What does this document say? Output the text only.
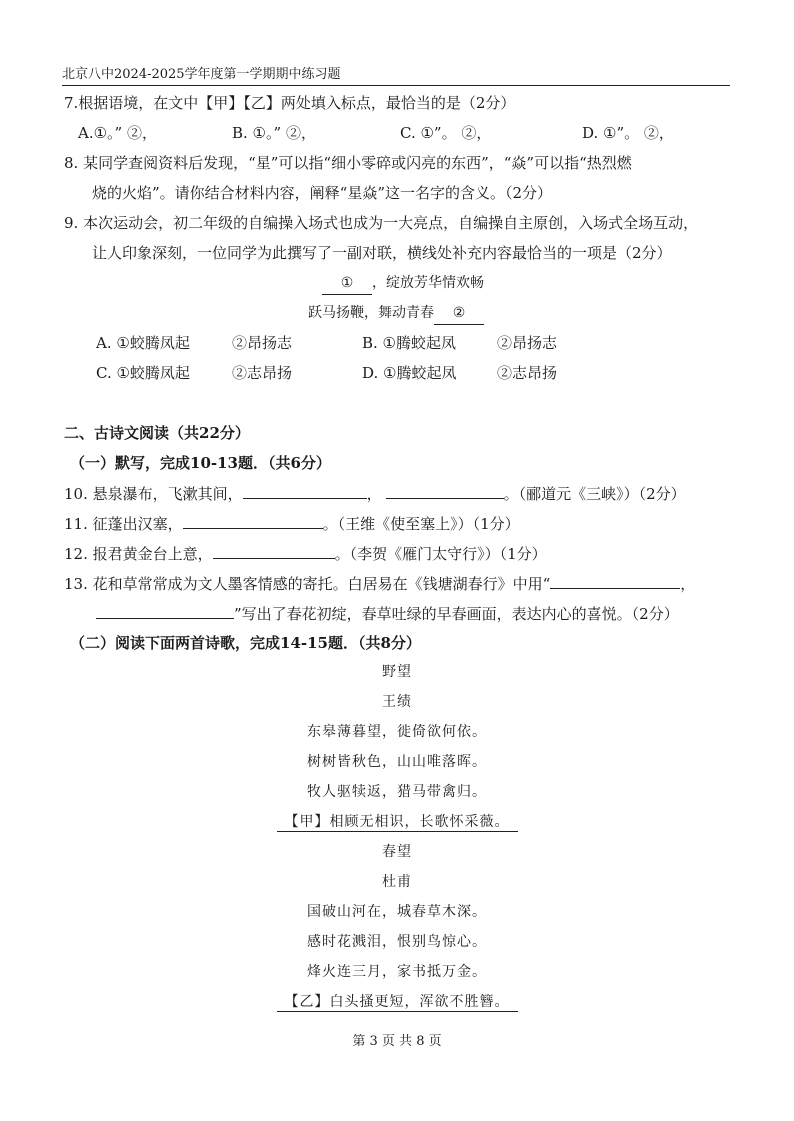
北京八中2024-2025学年度第一学期期中练习题
7.根据语境，在文中【甲】【乙】两处填入标点，最恰当的是（2分）
A.①。” ②，	B. ①。” ②，	C. ①”。 ②，	D. ①”。 ②，
8. 某同学查阅资料后发现，“星”可以指“细小零碎或闪亮的东西”，“焱”可以指“热烈燃
烧的火焰”。请你结合材料内容，阐释“星焱”这一名字的含义。（2分）
9. 本次运动会，初二年级的自编操入场式也成为一大亮点，自编操自主原创，入场式全场互动，
让人印象深刻，一位同学为此撰写了一副对联，横线处补充内容最恰当的一项是（2分）
① ，绽放芳华情欢畅
跃马扬鞭，舞动青春 ②
A. ①蛟腾凤起	②昂扬志	B. ①腾蛟起凤	②昂扬志
C. ①蛟腾凤起	②志昂扬	D. ①腾蛟起凤	②志昂扬
二、古诗文阅读（共22分）
（一）默写，完成10-13题．（共6分）
10. 悬泉瀑布，飞漱其间，	，	。（郦道元《三峡》）（2分）
11. 征蓬出汉塞，	。（王维《使至塞上》）（1分）
12. 报君黄金台上意，	。（李贺《雁门太守行》）（1分）
13. 花和草常常成为文人墨客情感的寄托。白居易在《钱塘湖春行》中用“	，
”写出了春花初绽，春草吐绿的早春画面，表达内心的喜悦。（2分）
（二）阅读下面两首诗歌，完成14-15题．（共8分）
野望
王绩
东皋薄暮望，徙倚欲何依。
树树皆秋色，山山唯落晖。
牧人驱犊返，猎马带禽归。
【甲】相顾无相识，长歌怀采薇。
春望
杜甫
国破山河在，城春草木深。
感时花溅泪，恨别鸟惊心。
烽火连三月，家书抵万金。
【乙】白头搔更短，浑欲不胜簪。
第 3 页 共 8 页
